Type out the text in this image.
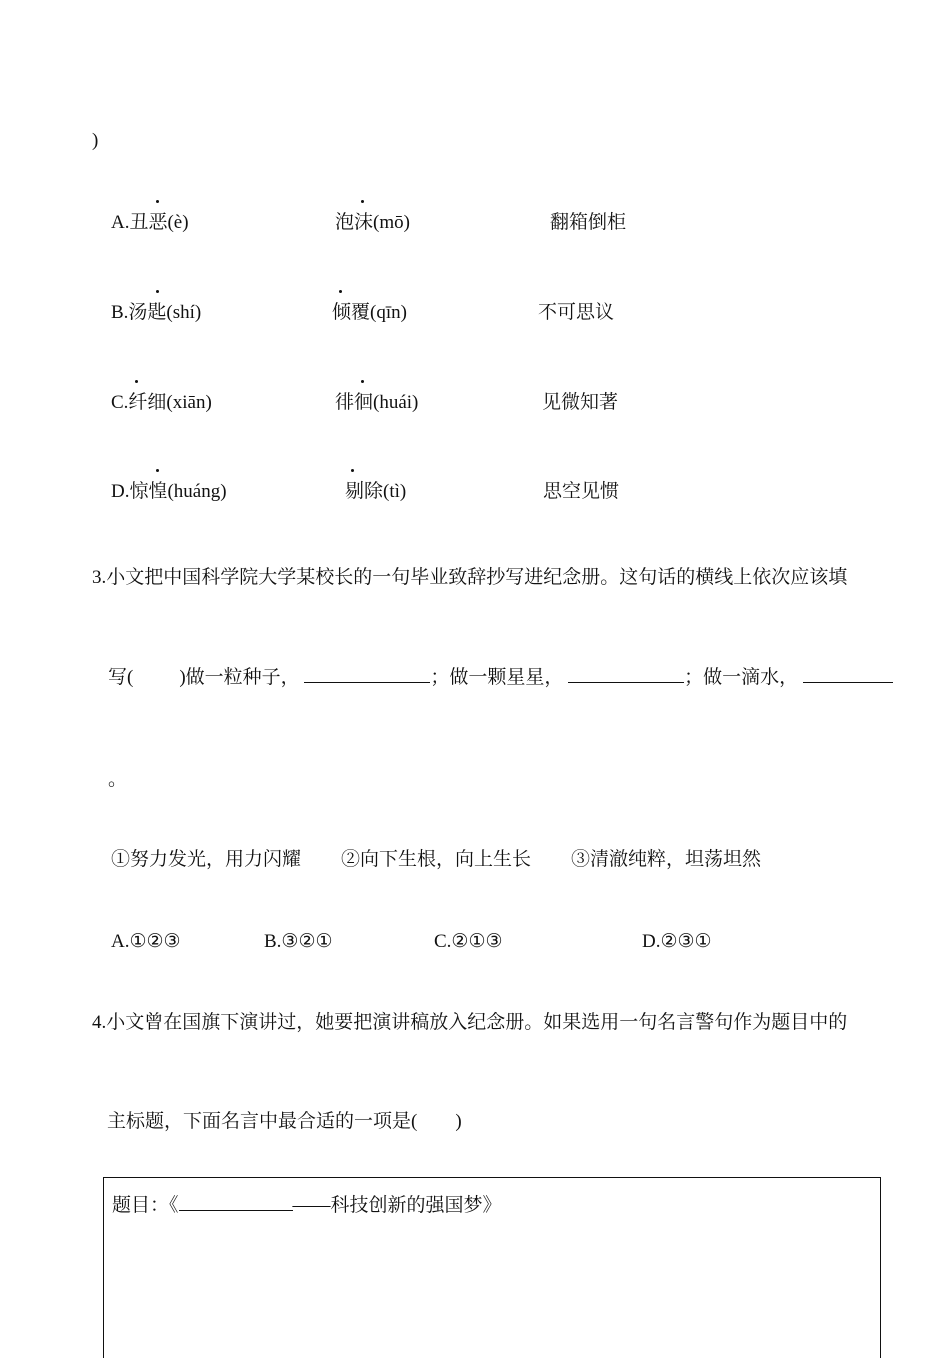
)
A.丑恶(è)	泡沫(mō)	翻箱倒柜
B.汤匙(shí)	倾覆(qīn)	不可思议
C.纤细(xiān)	徘徊(huái)	见微知著
D.惊惶(huáng)	剔除(tì)	思空见惯
3.小文把中国科学院大学某校长的一句毕业致辞抄写进纪念册。这句话的横线上依次应该填
写( )做一粒种子，	；做一颗星星，	；做一滴水，
。
①努力发光，用力闪耀 ②向下生根，向上生长 ③清澈纯粹，坦荡坦然
A.①②③	B.③②①	C.②①③	D.②③①
4.小文曾在国旗下演讲过，她要把演讲稿放入纪念册。如果选用一句名言警句作为题目中的
主标题，下面名言中最合适的一项是(　　)
题目：《	——科技创新的强国梦》
